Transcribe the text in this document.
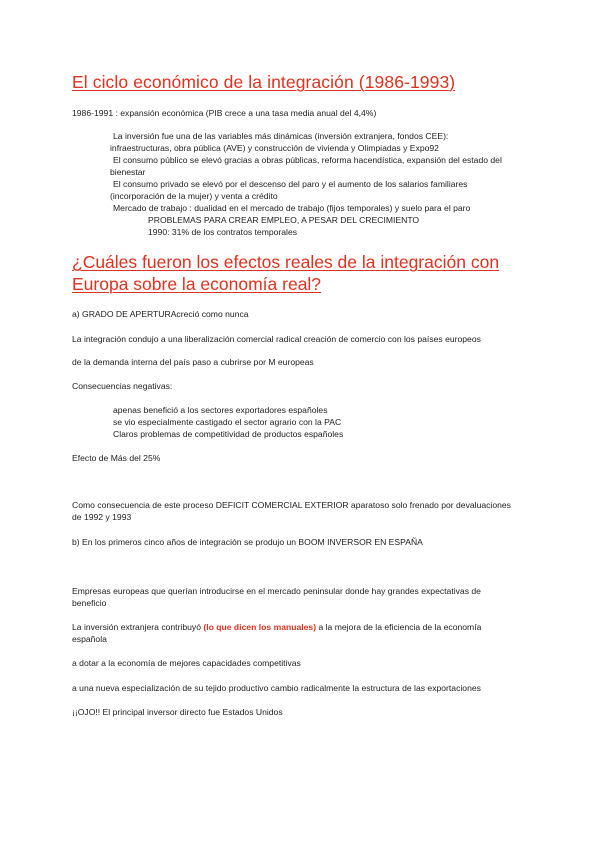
El ciclo económico de la integración (1986-1993)
1986-1991 : expansión económica (PIB crece a una tasa media anual del 4,4%)
La inversión fue una de las variables más dinámicas (inversión extranjera, fondos CEE):
infraestructuras, obra pública (AVE) y construcción de vivienda y Olimpiadas y Expo92
El consumo público se elevó gracias a obras públicas, reforma hacendística, expansión del estado del
bienestar
El consumo privado se elevó por el descenso del paro y el aumento de los salarios familiares
(incorporación de la mujer) y venta a crédito
Mercado de trabajo : dualidad en el mercado de trabajo (fijos temporales) y suelo para el paro
PROBLEMAS PARA CREAR EMPLEO, A PESAR DEL CRECIMIENTO
1990: 31% de los contratos temporales
¿Cuáles fueron los efectos reales de la integración con Europa sobre la economía real?
a) GRADO DE APERTURAcreció como nunca
La integración condujo a una liberalización comercial radical creación de comercio con los países europeos
de la demanda interna del país paso a cubrirse por M europeas
Consecuencias negativas:
apenas benefició a los sectores exportadores españoles
se vio especialmente castigado el sector agrario con la PAC
Claros problemas de competitividad de productos españoles
Efecto de Más del 25%
Como consecuencia de este proceso DEFICIT COMERCIAL EXTERIOR aparatoso solo frenado por devaluaciones de 1992 y 1993
b) En los primeros cinco años de integración se produjo un BOOM INVERSOR EN ESPAÑA
Empresas europeas que querían introducirse en el mercado peninsular donde hay grandes expectativas de beneficio
La inversión extranjera contribuyó (lo que dicen los manuales) a la mejora de la eficiencia de la economía española
a dotar a la economía de mejores capacidades competitivas
a una nueva especialización de su tejido productivo cambio radicalmente la estructura de las exportaciones
¡¡OJO!! El principal inversor directo fue Estados Unidos
